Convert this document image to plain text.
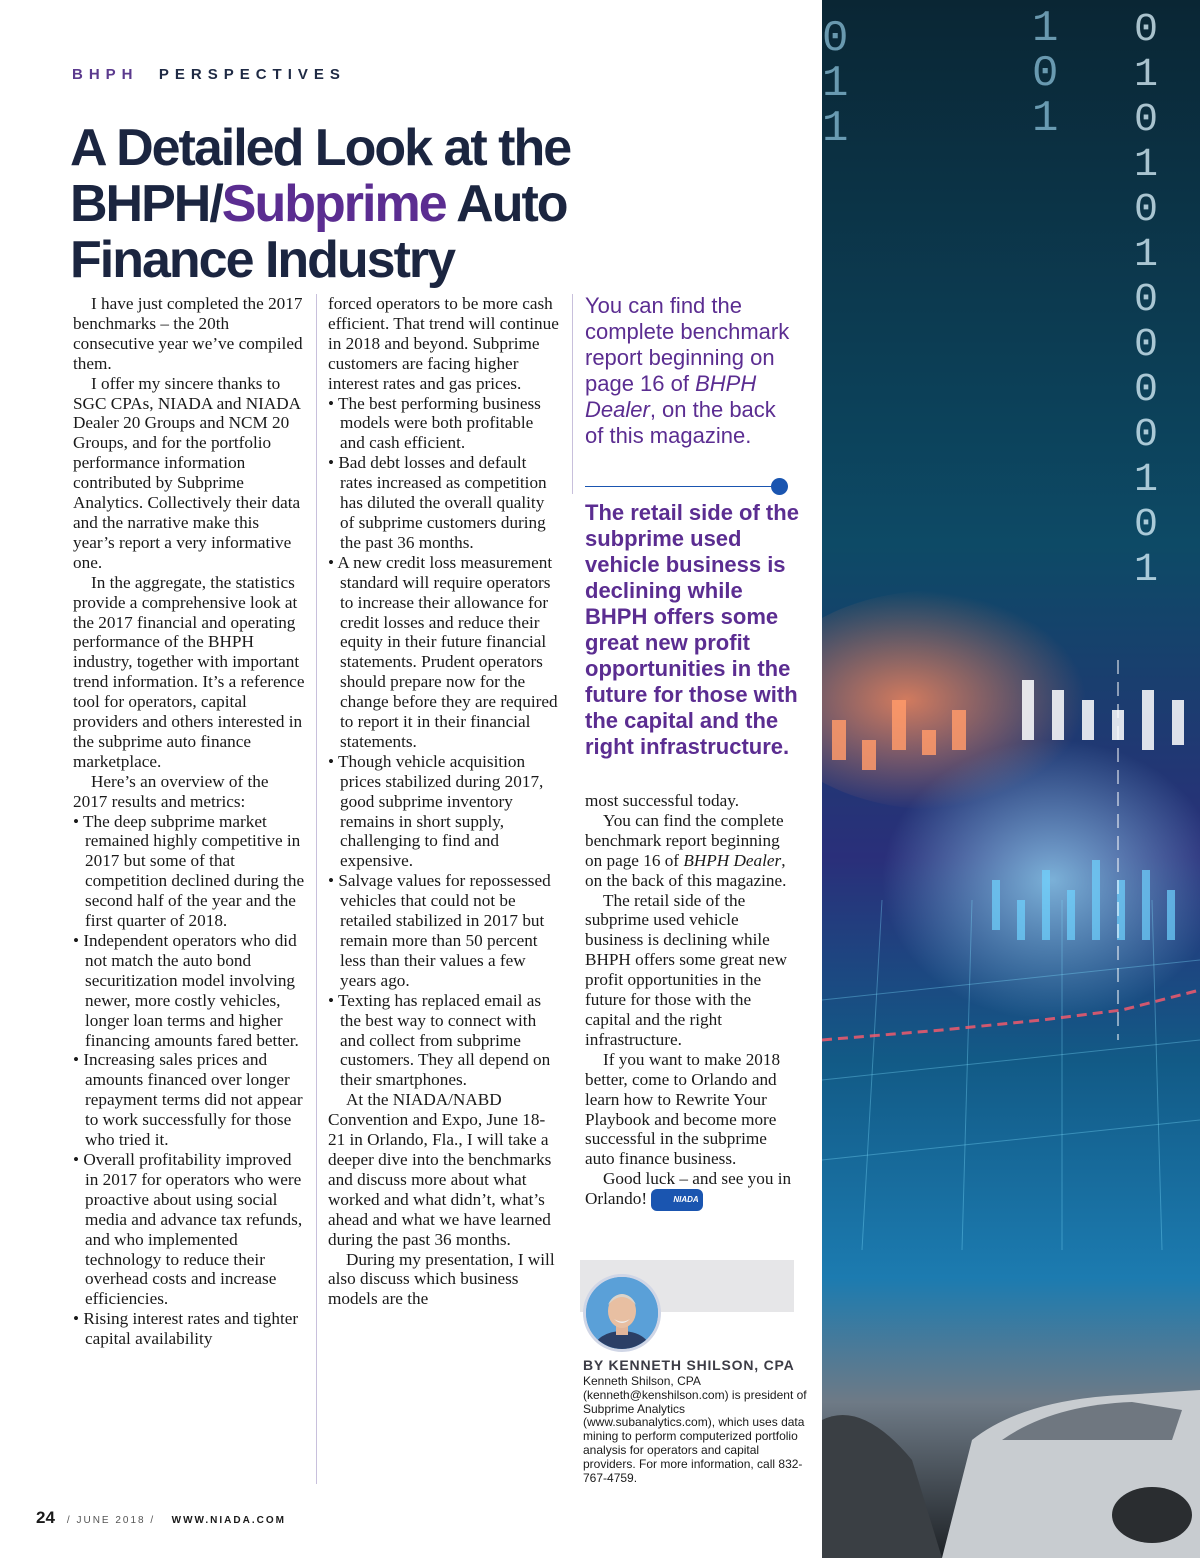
BHPH PERSPECTIVES
A Detailed Look at the
BHPH/Subprime Auto
Finance Industry

I have just completed the 2017 benchmarks – the 20th consecutive year we’ve compiled them.

I offer my sincere thanks to SGC CPAs, NIADA and NIADA Dealer 20 Groups and NCM 20 Groups, and for the portfolio performance information contributed by Subprime Analytics. Collectively their data and the narrative make this year’s report a very informative one.

In the aggregate, the statistics provide a comprehensive look at the 2017 financial and operating performance of the BHPH industry, together with important trend information. It’s a reference tool for operators, capital providers and others interested in the subprime auto finance marketplace.

Here’s an overview of the 2017 results and metrics:

• The deep subprime market remained highly competitive in 2017 but some of that competition declined during the second half of the year and the first quarter of 2018.

• Independent operators who did not match the auto bond securitization model involving newer, more costly vehicles, longer loan terms and higher financing amounts fared better.

• Increasing sales prices and amounts financed over longer repayment terms did not appear to work successfully for those who tried it.

• Overall profitability improved in 2017 for operators who were proactive about using social media and advance tax refunds, and who implemented technology to reduce their overhead costs and increase efficiencies.

• Rising interest rates and tighter capital availability

forced operators to be more cash efficient. That trend will continue in 2018 and beyond. Subprime customers are facing higher interest rates and gas prices.

• The best performing business models were both profitable and cash efficient.

• Bad debt losses and default rates increased as competition has diluted the overall quality of subprime customers during the past 36 months.

• A new credit loss measurement standard will require operators to increase their allowance for credit losses and reduce their equity in their future financial statements. Prudent operators should prepare now for the change before they are required to report it in their financial statements.

• Though vehicle acquisition prices stabilized during 2017, good subprime inventory remains in short supply, challenging to find and expensive.

• Salvage values for repossessed vehicles that could not be retailed stabilized in 2017 but remain more than 50 percent less than their values a few years ago.

• Texting has replaced email as the best way to connect with and collect from subprime customers. They all depend on their smartphones.

At the NIADA/NABD Convention and Expo, June 18-21 in Orlando, Fla., I will take a deeper dive into the benchmarks and discuss more about what worked and what didn’t, what’s ahead and what we have learned during the past 36 months.

During my presentation, I will also discuss which business models are the

You can find the complete benchmark report beginning on page 16 of BHPH Dealer, on the back of this magazine.
The retail side of the subprime used vehicle business is declining while BHPH offers some great new profit opportunities in the future for those with the capital and the right infrastructure.

most successful today.

You can find the complete benchmark report beginning on page 16 of BHPH Dealer, on the back of this magazine.

The retail side of the subprime used vehicle business is declining while BHPH offers some great new profit opportunities in the future for those with the capital and the right infrastructure.

If you want to make 2018 better, come to Orlando and learn how to Rewrite Your Playbook and become more successful in the subprime auto finance business.

Good luck – and see you in Orlando!	NIADA

BY KENNETH SHILSON, CPA

Kenneth Shilson, CPA (kenneth@kenshilson.com) is president of Subprime Analytics (www.subanalytics.com), which uses data mining to perform computerized portfolio analysis for operators and capital providers. For more information, call 832-767-4759.

24 / JUNE 2018 / WWW.NIADA.COM
0
1
1
1
0
1
0
1
0
1
0
1
0
0
0
0
1
0
1
